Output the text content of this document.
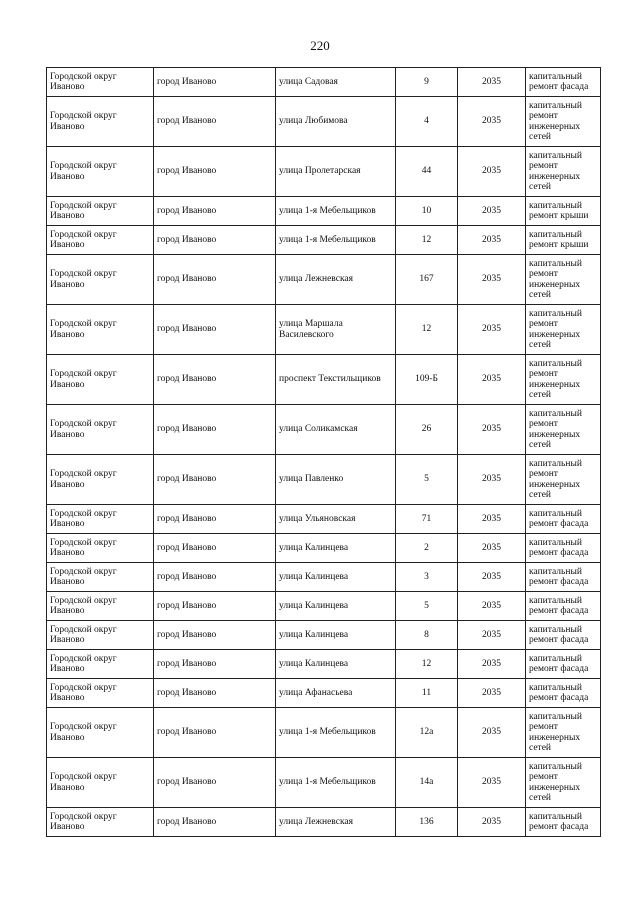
220
Городской округ Иваново	город Иваново	улица Садовая	9	2035	капитальный ремонт фасада
Городской округ Иваново	город Иваново	улица Любимова	4	2035	капитальный ремонт инженерных сетей
Городской округ Иваново	город Иваново	улица Пролетарская	44	2035	капитальный ремонт инженерных сетей
Городской округ Иваново	город Иваново	улица 1-я Мебельщиков	10	2035	капитальный ремонт крыши
Городской округ Иваново	город Иваново	улица 1-я Мебельщиков	12	2035	капитальный ремонт крыши
Городской округ Иваново	город Иваново	улица Лежневская	167	2035	капитальный ремонт инженерных сетей
Городской округ Иваново	город Иваново	улица Маршала Василевского	12	2035	капитальный ремонт инженерных сетей
Городской округ Иваново	город Иваново	проспект Текстильщиков	109-Б	2035	капитальный ремонт инженерных сетей
Городской округ Иваново	город Иваново	улица Соликамская	26	2035	капитальный ремонт инженерных сетей
Городской округ Иваново	город Иваново	улица Павленко	5	2035	капитальный ремонт инженерных сетей
Городской округ Иваново	город Иваново	улица Ульяновская	71	2035	капитальный ремонт фасада
Городской округ Иваново	город Иваново	улица Калинцева	2	2035	капитальный ремонт фасада
Городской округ Иваново	город Иваново	улица Калинцева	3	2035	капитальный ремонт фасада
Городской округ Иваново	город Иваново	улица Калинцева	5	2035	капитальный ремонт фасада
Городской округ Иваново	город Иваново	улица Калинцева	8	2035	капитальный ремонт фасада
Городской округ Иваново	город Иваново	улица Калинцева	12	2035	капитальный ремонт фасада
Городской округ Иваново	город Иваново	улица Афанасьева	11	2035	капитальный ремонт фасада
Городской округ Иваново	город Иваново	улица 1-я Мебельщиков	12а	2035	капитальный ремонт инженерных сетей
Городской округ Иваново	город Иваново	улица 1-я Мебельщиков	14а	2035	капитальный ремонт инженерных сетей
Городской округ Иваново	город Иваново	улица Лежневская	136	2035	капитальный ремонт фасада
